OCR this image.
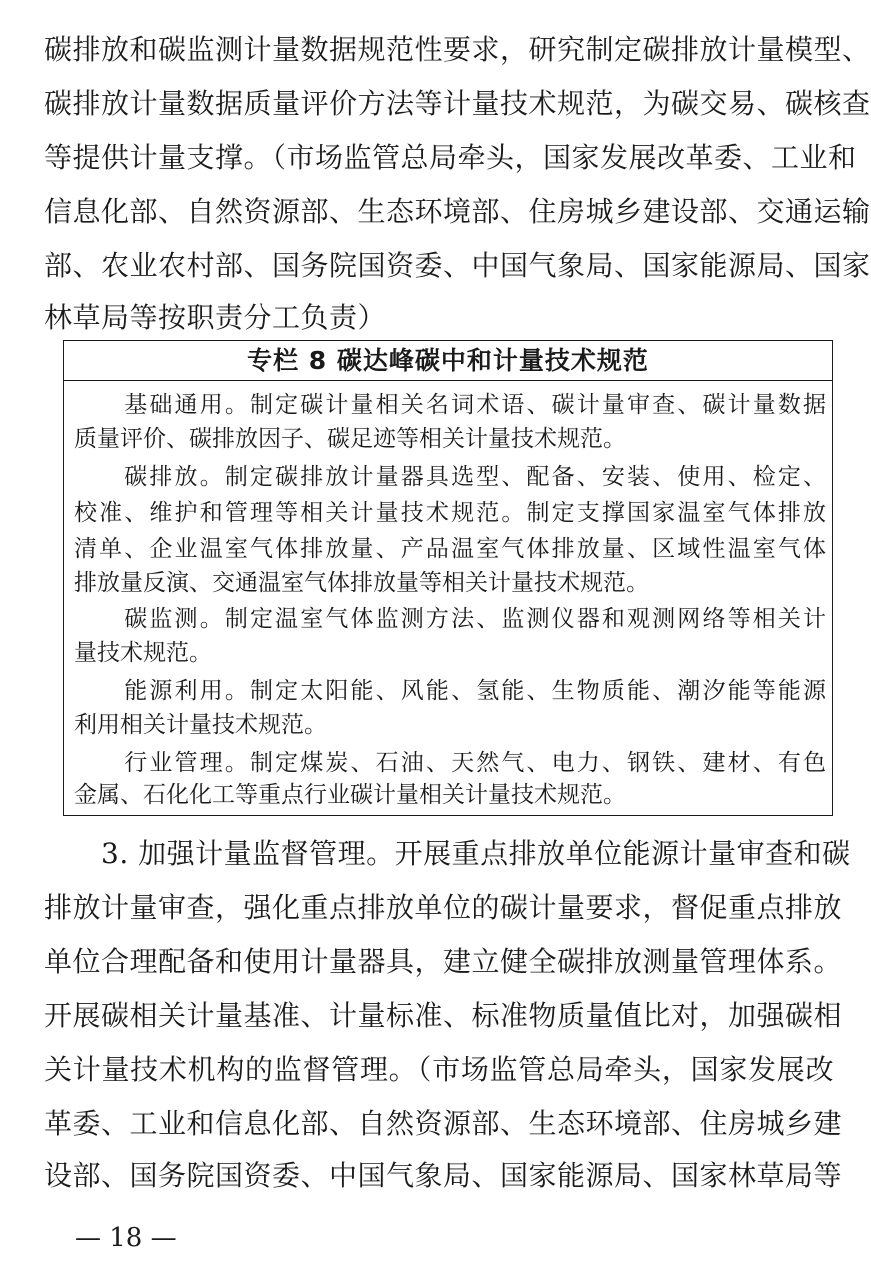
碳排放和碳监测计量数据规范性要求，研究制定碳排放计量模型、
碳排放计量数据质量评价方法等计量技术规范，为碳交易、碳核查
等提供计量支撑。（市场监管总局牵头，国家发展改革委、工业和
信息化部、自然资源部、生态环境部、住房城乡建设部、交通运输
部、农业农村部、国务院国资委、中国气象局、国家能源局、国家
林草局等按职责分工负责）
专栏 8 碳达峰碳中和计量技术规范
　　基础通用。制定碳计量相关名词术语、碳计量审查、碳计量数据
质量评价、碳排放因子、碳足迹等相关计量技术规范。
　　碳排放。制定碳排放计量器具选型、配备、安装、使用、检定、
校准、维护和管理等相关计量技术规范。制定支撑国家温室气体排放
清单、企业温室气体排放量、产品温室气体排放量、区域性温室气体
排放量反演、交通温室气体排放量等相关计量技术规范。
　　碳监测。制定温室气体监测方法、监测仪器和观测网络等相关计
量技术规范。
　　能源利用。制定太阳能、风能、氢能、生物质能、潮汐能等能源
利用相关计量技术规范。
　　行业管理。制定煤炭、石油、天然气、电力、钢铁、建材、有色
金属、石化化工等重点行业碳计量相关计量技术规范。
　　3. 加强计量监督管理。开展重点排放单位能源计量审查和碳
排放计量审查，强化重点排放单位的碳计量要求，督促重点排放
单位合理配备和使用计量器具，建立健全碳排放测量管理体系。
开展碳相关计量基准、计量标准、标准物质量值比对，加强碳相
关计量技术机构的监督管理。（市场监管总局牵头，国家发展改
革委、工业和信息化部、自然资源部、生态环境部、住房城乡建
设部、国务院国资委、中国气象局、国家能源局、国家林草局等
— 18 —
